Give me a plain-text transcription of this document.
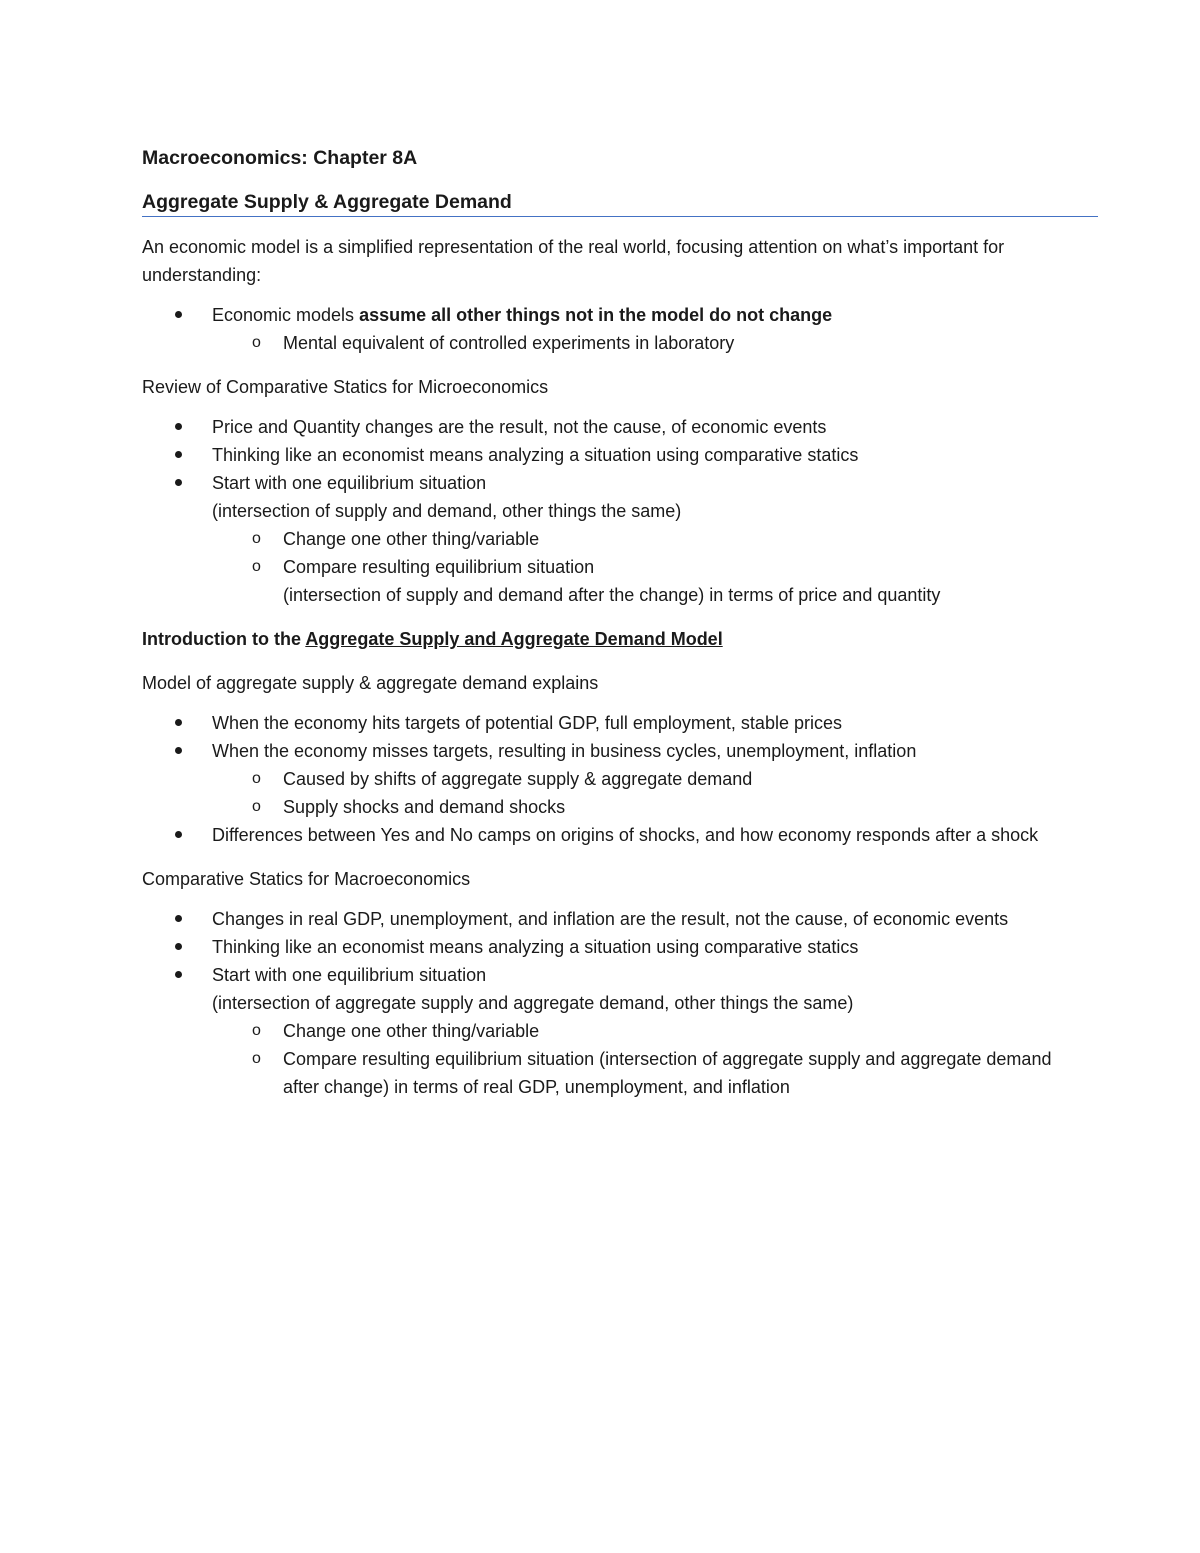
Macroeconomics: Chapter 8A
Aggregate Supply & Aggregate Demand

An economic model is a simplified representation of the real world, focusing attention on what’s important for understanding:

Economic models assume all other things not in the model do not change
o Mental equivalent of controlled experiments in laboratory

Review of Comparative Statics for Microeconomics

Price and Quantity changes are the result, not the cause, of economic events
Thinking like an economist means analyzing a situation using comparative statics
Start with one equilibrium situation
(intersection of supply and demand, other things the same)
o Change one other thing/variable
o Compare resulting equilibrium situation
(intersection of supply and demand after the change) in terms of price and quantity

Introduction to the Aggregate Supply and Aggregate Demand Model

Model of aggregate supply & aggregate demand explains

When the economy hits targets of potential GDP, full employment, stable prices
When the economy misses targets, resulting in business cycles, unemployment, inflation
o Caused by shifts of aggregate supply & aggregate demand
o Supply shocks and demand shocks
Differences between Yes and No camps on origins of shocks, and how economy responds after a shock

Comparative Statics for Macroeconomics

Changes in real GDP, unemployment, and inflation are the result, not the cause, of economic events
Thinking like an economist means analyzing a situation using comparative statics
Start with one equilibrium situation
(intersection of aggregate supply and aggregate demand, other things the same)
o Change one other thing/variable
o Compare resulting equilibrium situation (intersection of aggregate supply and aggregate demand after change) in terms of real GDP, unemployment, and inflation
